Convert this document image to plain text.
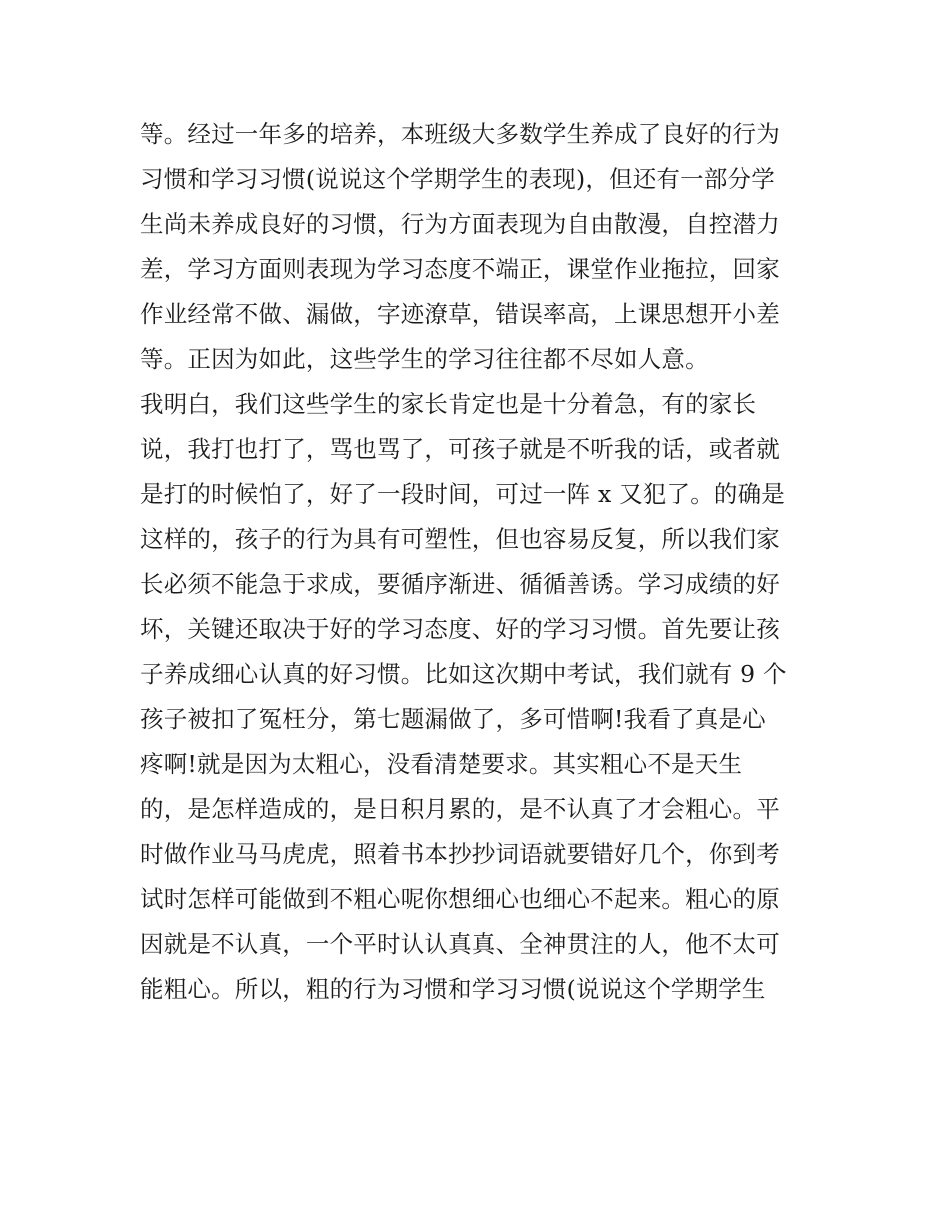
等。经过一年多的培养，本班级大多数学生养成了良好的行为
习惯和学习习惯(说说这个学期学生的表现)，但还有一部分学
生尚未养成良好的习惯，行为方面表现为自由散漫，自控潜力
差，学习方面则表现为学习态度不端正，课堂作业拖拉，回家
作业经常不做、漏做，字迹潦草，错误率高，上课思想开小差
等。正因为如此，这些学生的学习往往都不尽如人意。
我明白，我们这些学生的家长肯定也是十分着急，有的家长
说，我打也打了，骂也骂了，可孩子就是不听我的话，或者就
是打的时候怕了，好了一段时间，可过一阵 x 又犯了。的确是
这样的，孩子的行为具有可塑性，但也容易反复，所以我们家
长必须不能急于求成，要循序渐进、循循善诱。学习成绩的好
坏，关键还取决于好的学习态度、好的学习习惯。首先要让孩
子养成细心认真的好习惯。比如这次期中考试，我们就有 9 个
孩子被扣了冤枉分，第七题漏做了，多可惜啊!我看了真是心
疼啊!就是因为太粗心，没看清楚要求。其实粗心不是天生
的，是怎样造成的，是日积月累的，是不认真了才会粗心。平
时做作业马马虎虎，照着书本抄抄词语就要错好几个，你到考
试时怎样可能做到不粗心呢你想细心也细心不起来。粗心的原
因就是不认真，一个平时认认真真、全神贯注的人，他不太可
能粗心。所以，粗的行为习惯和学习习惯(说说这个学期学生
